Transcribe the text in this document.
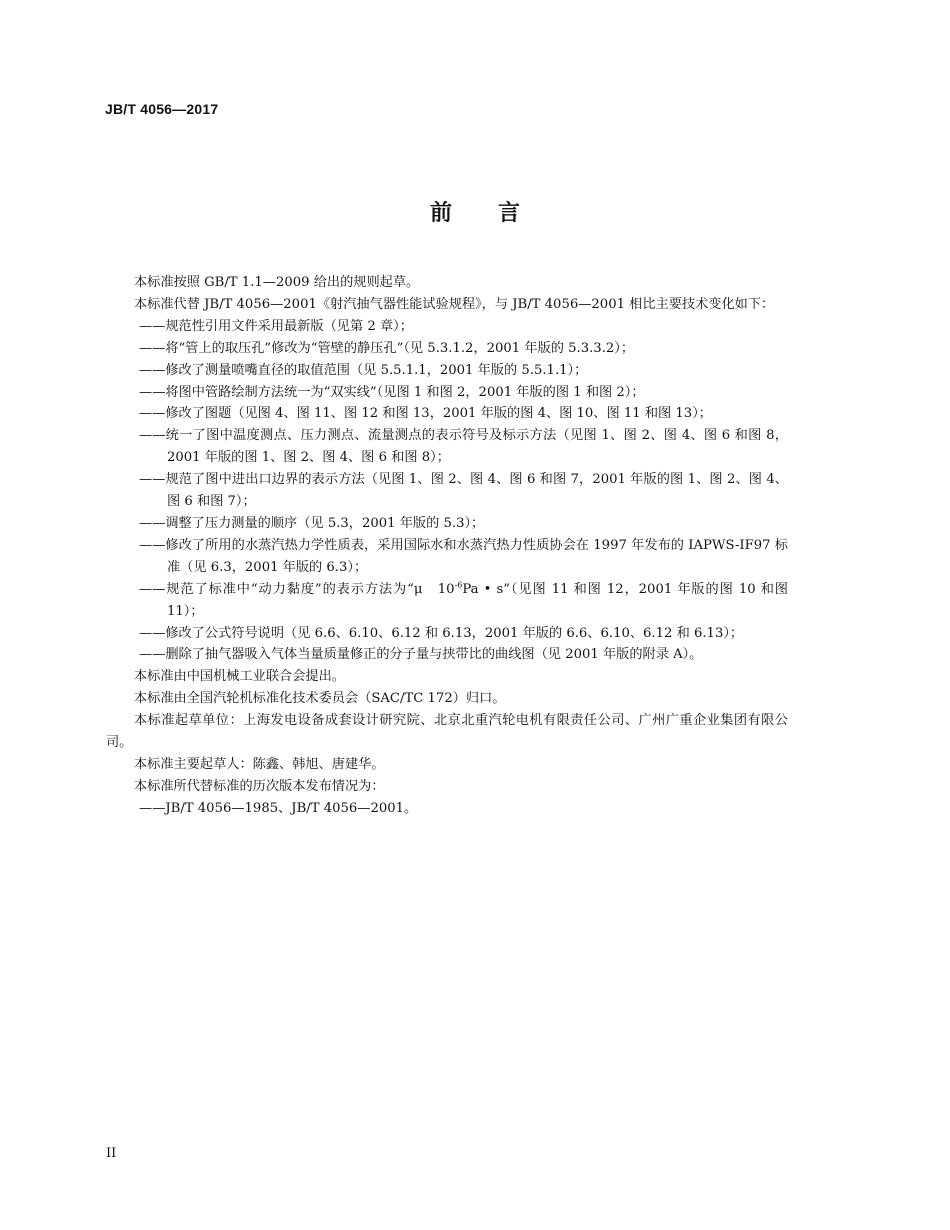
JB/T 4056—2017
前 言

本标准按照 GB/T 1.1—2009 给出的规则起草。

本标准代替 JB/T 4056—2001《射汽抽气器性能试验规程》，与 JB/T 4056—2001 相比主要技术变化如下：

——规范性引用文件采用最新版（见第 2 章）；

——将“管上的取压孔”修改为“管壁的静压孔”（见 5.3.1.2，2001 年版的 5.3.3.2）；

——修改了测量喷嘴直径的取值范围（见 5.5.1.1，2001 年版的 5.5.1.1）；

——将图中管路绘制方法统一为“双实线”（见图 1 和图 2，2001 年版的图 1 和图 2）；

——修改了图题（见图 4、图 11、图 12 和图 13，2001 年版的图 4、图 10、图 11 和图 13）；

——统一了图中温度测点、压力测点、流量测点的表示符号及标示方法（见图 1、图 2、图 4、图 6 和图 8，2001 年版的图 1、图 2、图 4、图 6 和图 8）；

——规范了图中进出口边界的表示方法（见图 1、图 2、图 4、图 6 和图 7，2001 年版的图 1、图 2、图 4、图 6 和图 7）；

——调整了压力测量的顺序（见 5.3，2001 年版的 5.3）；

——修改了所用的水蒸汽热力学性质表，采用国际水和水蒸汽热力性质协会在 1997 年发布的 IAPWS-IF97 标准（见 6.3，2001 年版的 6.3）；

——规范了标准中“动力黏度”的表示方法为“μ   $10^{-6}Pa$ • s”（见图 11 和图 12，2001 年版的图 10 和图 11）；

——修改了公式符号说明（见 6.6、6.10、6.12 和 6.13，2001 年版的 6.6、6.10、6.12 和 6.13）；

——删除了抽气器吸入气体当量质量修正的分子量与挟带比的曲线图（见 2001 年版的附录 A）。

本标准由中国机械工业联合会提出。

本标准由全国汽轮机标准化技术委员会（SAC/TC 172）归口。

本标准起草单位：上海发电设备成套设计研究院、北京北重汽轮电机有限责任公司、广州广重企业集团有限公司。

本标准主要起草人：陈鑫、韩旭、唐建华。

本标准所代替标准的历次版本发布情况为：

——JB/T 4056—1985、JB/T 4056—2001。

II
